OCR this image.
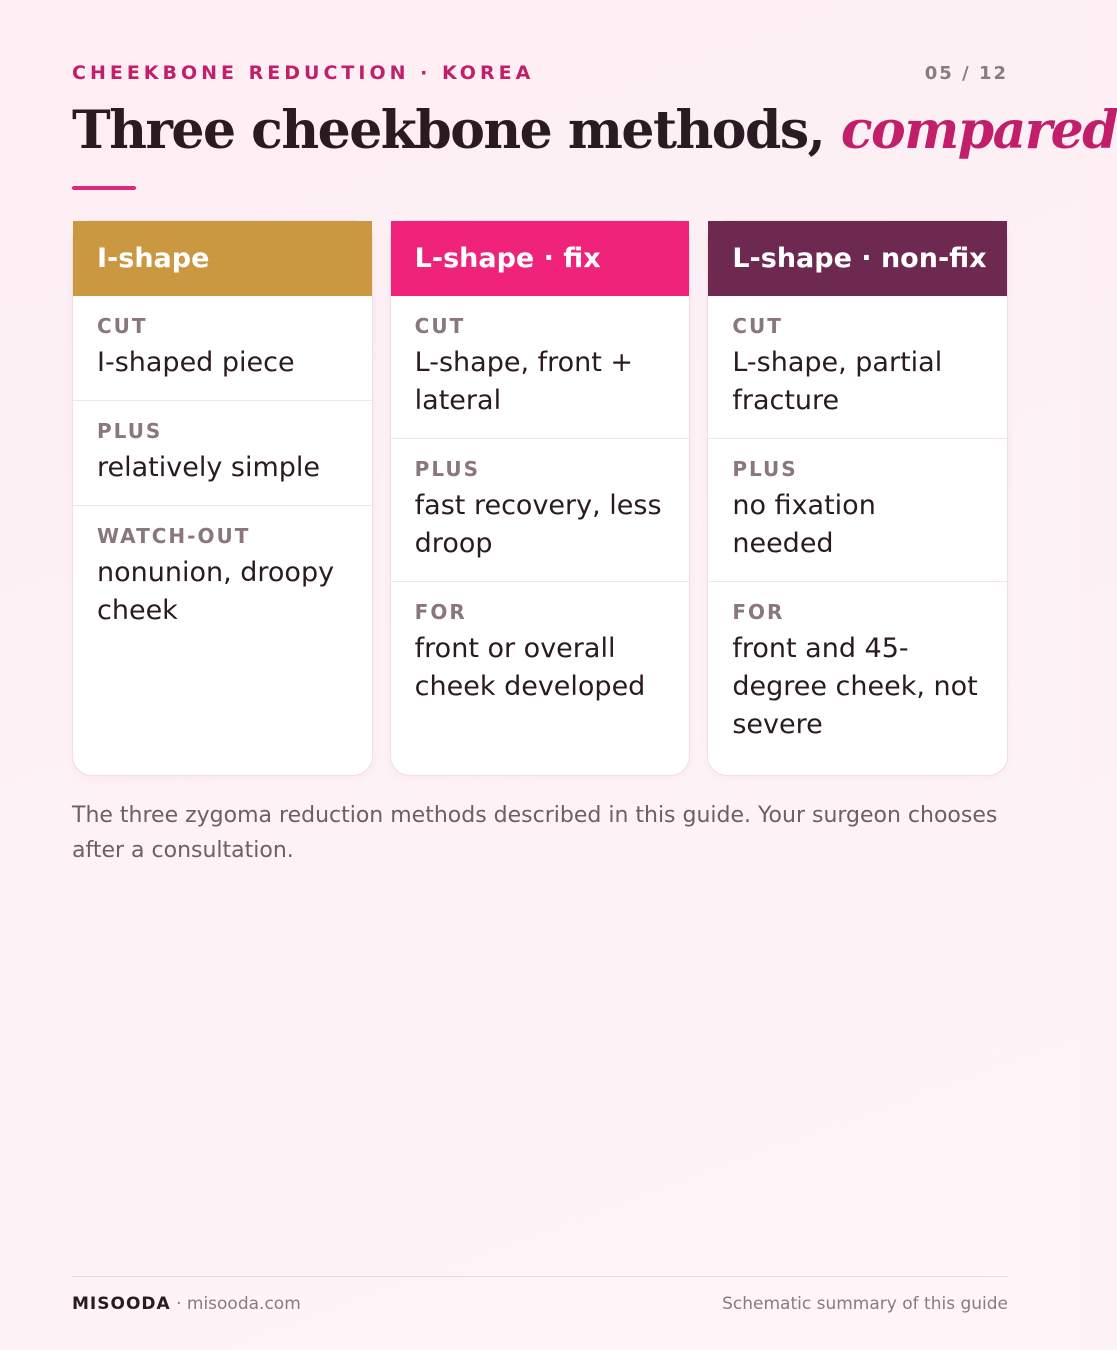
CHEEKBONE REDUCTION · KOREA	05 / 12
Three cheekbone methods, compared
I-shape
CUT
I-shaped piece
PLUS
relatively simple
WATCH-OUT
nonunion, droopy cheek
L-shape · fix
CUT
L-shape, front + lateral
PLUS
fast recovery, less droop
FOR
front or overall cheek developed
L-shape · non-fix
CUT
L-shape, partial fracture
PLUS
no fixation needed
FOR
front and 45-degree cheek, not severe

The three zygoma reduction methods described in this guide. Your surgeon chooses after a consultation.

MISOODA · misooda.com	Schematic summary of this guide
